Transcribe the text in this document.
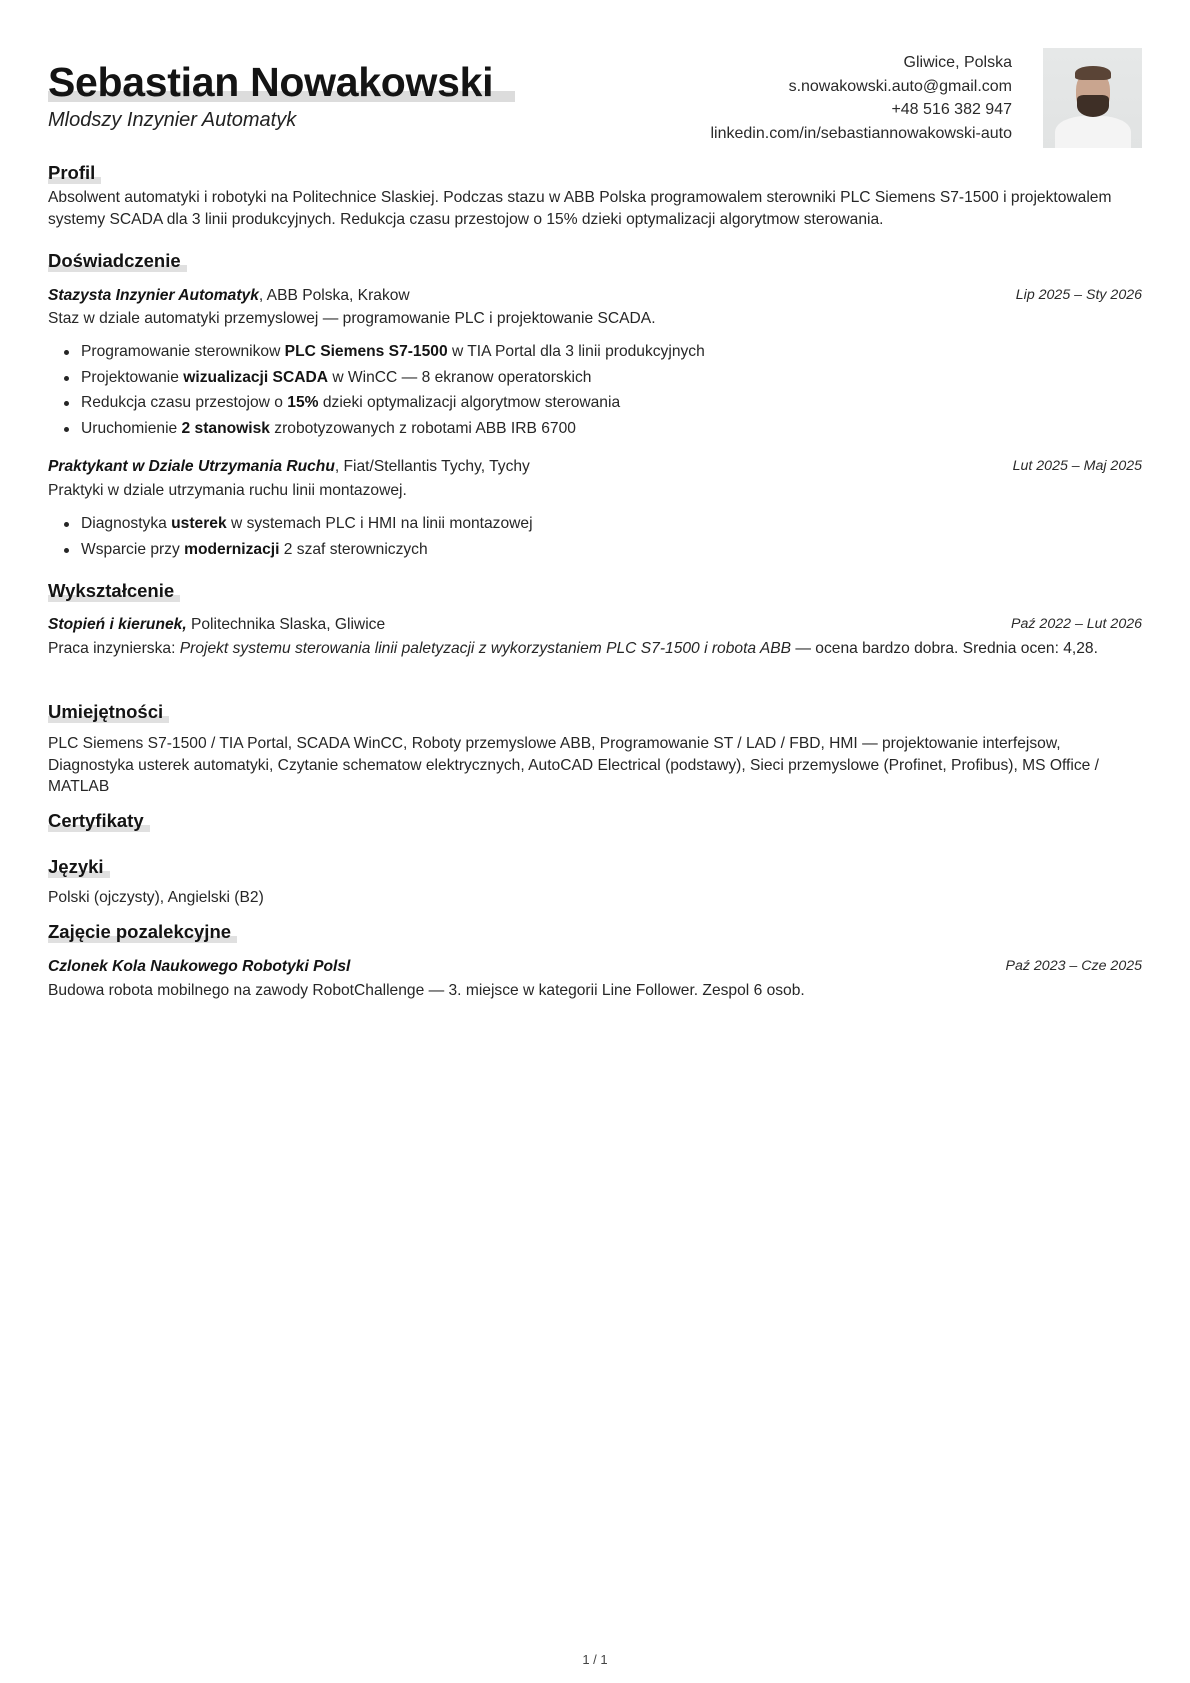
Sebastian Nowakowski
Mlodszy Inzynier Automatyk
Gliwice, Polska
s.nowakowski.auto@gmail.com
+48 516 382 947
linkedin.com/in/sebastiannowakowski-auto
Profil
Absolwent automatyki i robotyki na Politechnice Slaskiej. Podczas stazu w ABB Polska programowalem sterowniki PLC Siemens S7-1500 i projektowalem systemy SCADA dla 3 linii produkcyjnych. Redukcja czasu przestojow o 15% dzieki optymalizacji algorytmow sterowania.
Doświadczenie
Stazysta Inzynier Automatyk, ABB Polska, Krakow	Lip 2025 – Sty 2026
Staz w dziale automatyki przemyslowej — programowanie PLC i projektowanie SCADA.
Programowanie sterownikow PLC Siemens S7-1500 w TIA Portal dla 3 linii produkcyjnych
Projektowanie wizualizacji SCADA w WinCC — 8 ekranow operatorskich
Redukcja czasu przestojow o 15% dzieki optymalizacji algorytmow sterowania
Uruchomienie 2 stanowisk zrobotyzowanych z robotami ABB IRB 6700
Praktykant w Dziale Utrzymania Ruchu, Fiat/Stellantis Tychy, Tychy	Lut 2025 – Maj 2025
Praktyki w dziale utrzymania ruchu linii montazowej.
Diagnostyka usterek w systemach PLC i HMI na linii montazowej
Wsparcie przy modernizacji 2 szaf sterowniczych
Wykształcenie
Stopień i kierunek, Politechnika Slaska, Gliwice	Paź 2022 – Lut 2026
Praca inzynierska: Projekt systemu sterowania linii paletyzacji z wykorzystaniem PLC S7-1500 i robota ABB — ocena bardzo dobra. Srednia ocen: 4,28.
Umiejętności
PLC Siemens S7-1500 / TIA Portal, SCADA WinCC, Roboty przemyslowe ABB, Programowanie ST / LAD / FBD, HMI — projektowanie interfejsow, Diagnostyka usterek automatyki, Czytanie schematow elektrycznych, AutoCAD Electrical (podstawy), Sieci przemyslowe (Profinet, Profibus), MS Office / MATLAB
Certyfikaty
Języki
Polski (ojczysty), Angielski (B2)
Zajęcie pozalekcyjne
Czlonek Kola Naukowego Robotyki Polsl	Paź 2023 – Cze 2025
Budowa robota mobilnego na zawody RobotChallenge — 3. miejsce w kategorii Line Follower. Zespol 6 osob.
1 / 1
